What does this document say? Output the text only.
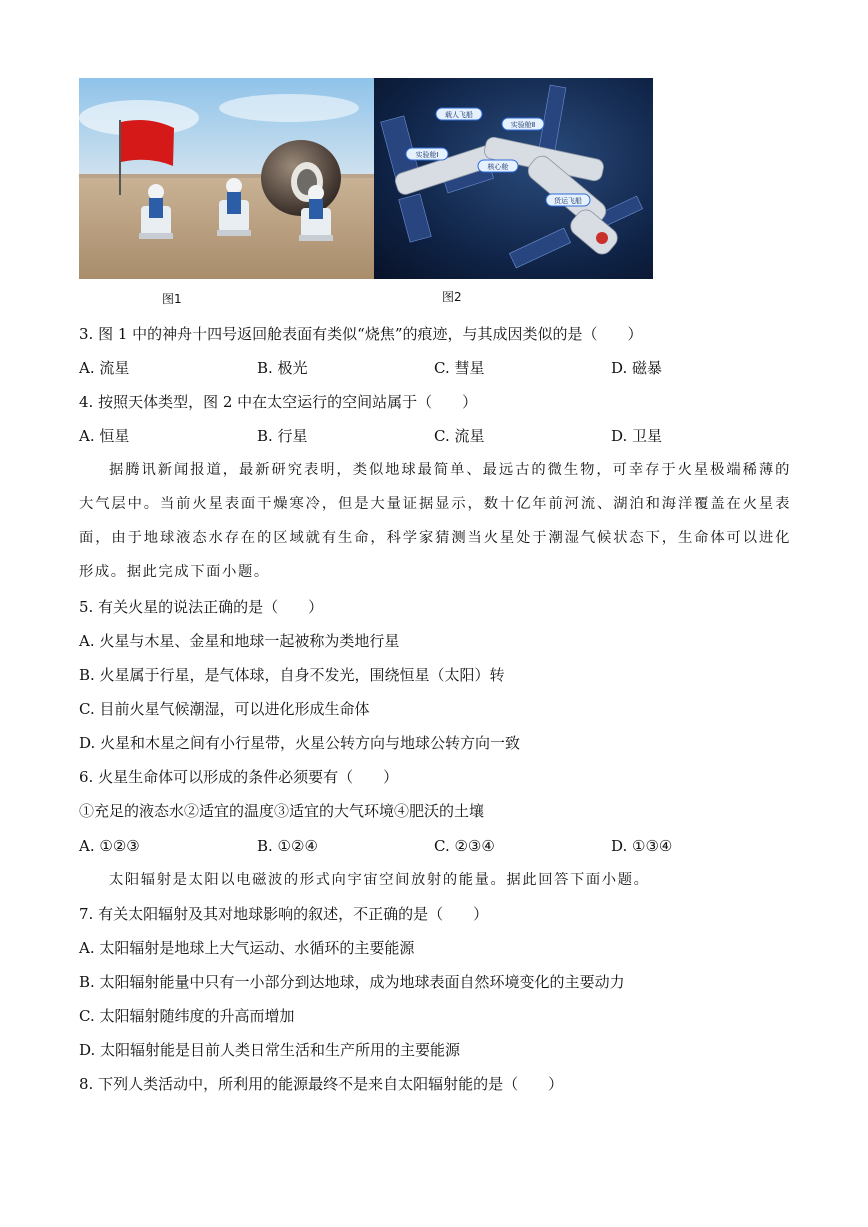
载人飞船
实验舱Ⅱ
实验舱Ⅰ
核心舱
货运飞船
图1	图2
3. 图 1 中的神舟十四号返回舱表面有类似“烧焦”的痕迹，与其成因类似的是（　　）
A. 流星	B. 极光	C. 彗星	D. 磁暴
4. 按照天体类型，图 2 中在太空运行的空间站属于（　　）
A. 恒星	B. 行星	C. 流星	D. 卫星
据腾讯新闻报道，最新研究表明，类似地球最简单、最远古的微生物，可幸存于火星极端稀薄的大气层中。当前火星表面干燥寒冷，但是大量证据显示，数十亿年前河流、湖泊和海洋覆盖在火星表面，由于地球液态水存在的区域就有生命，科学家猜测当火星处于潮湿气候状态下，生命体可以进化形成。据此完成下面小题。
5. 有关火星的说法正确的是（　　）
A. 火星与木星、金星和地球一起被称为类地行星
B. 火星属于行星，是气体球，自身不发光，围绕恒星（太阳）转
C. 目前火星气候潮湿，可以进化形成生命体
D. 火星和木星之间有小行星带，火星公转方向与地球公转方向一致
6. 火星生命体可以形成的条件必须要有（　　）
①充足的液态水②适宜的温度③适宜的大气环境④肥沃的土壤
A. ①②③	B. ①②④	C. ②③④	D. ①③④
太阳辐射是太阳以电磁波的形式向宇宙空间放射的能量。据此回答下面小题。
7. 有关太阳辐射及其对地球影响的叙述，不正确的是（　　）
A. 太阳辐射是地球上大气运动、水循环的主要能源
B. 太阳辐射能量中只有一小部分到达地球，成为地球表面自然环境变化的主要动力
C. 太阳辐射随纬度的升高而增加
D. 太阳辐射能是目前人类日常生活和生产所用的主要能源
8. 下列人类活动中，所利用的能源最终不是来自太阳辐射能的是（　　）
